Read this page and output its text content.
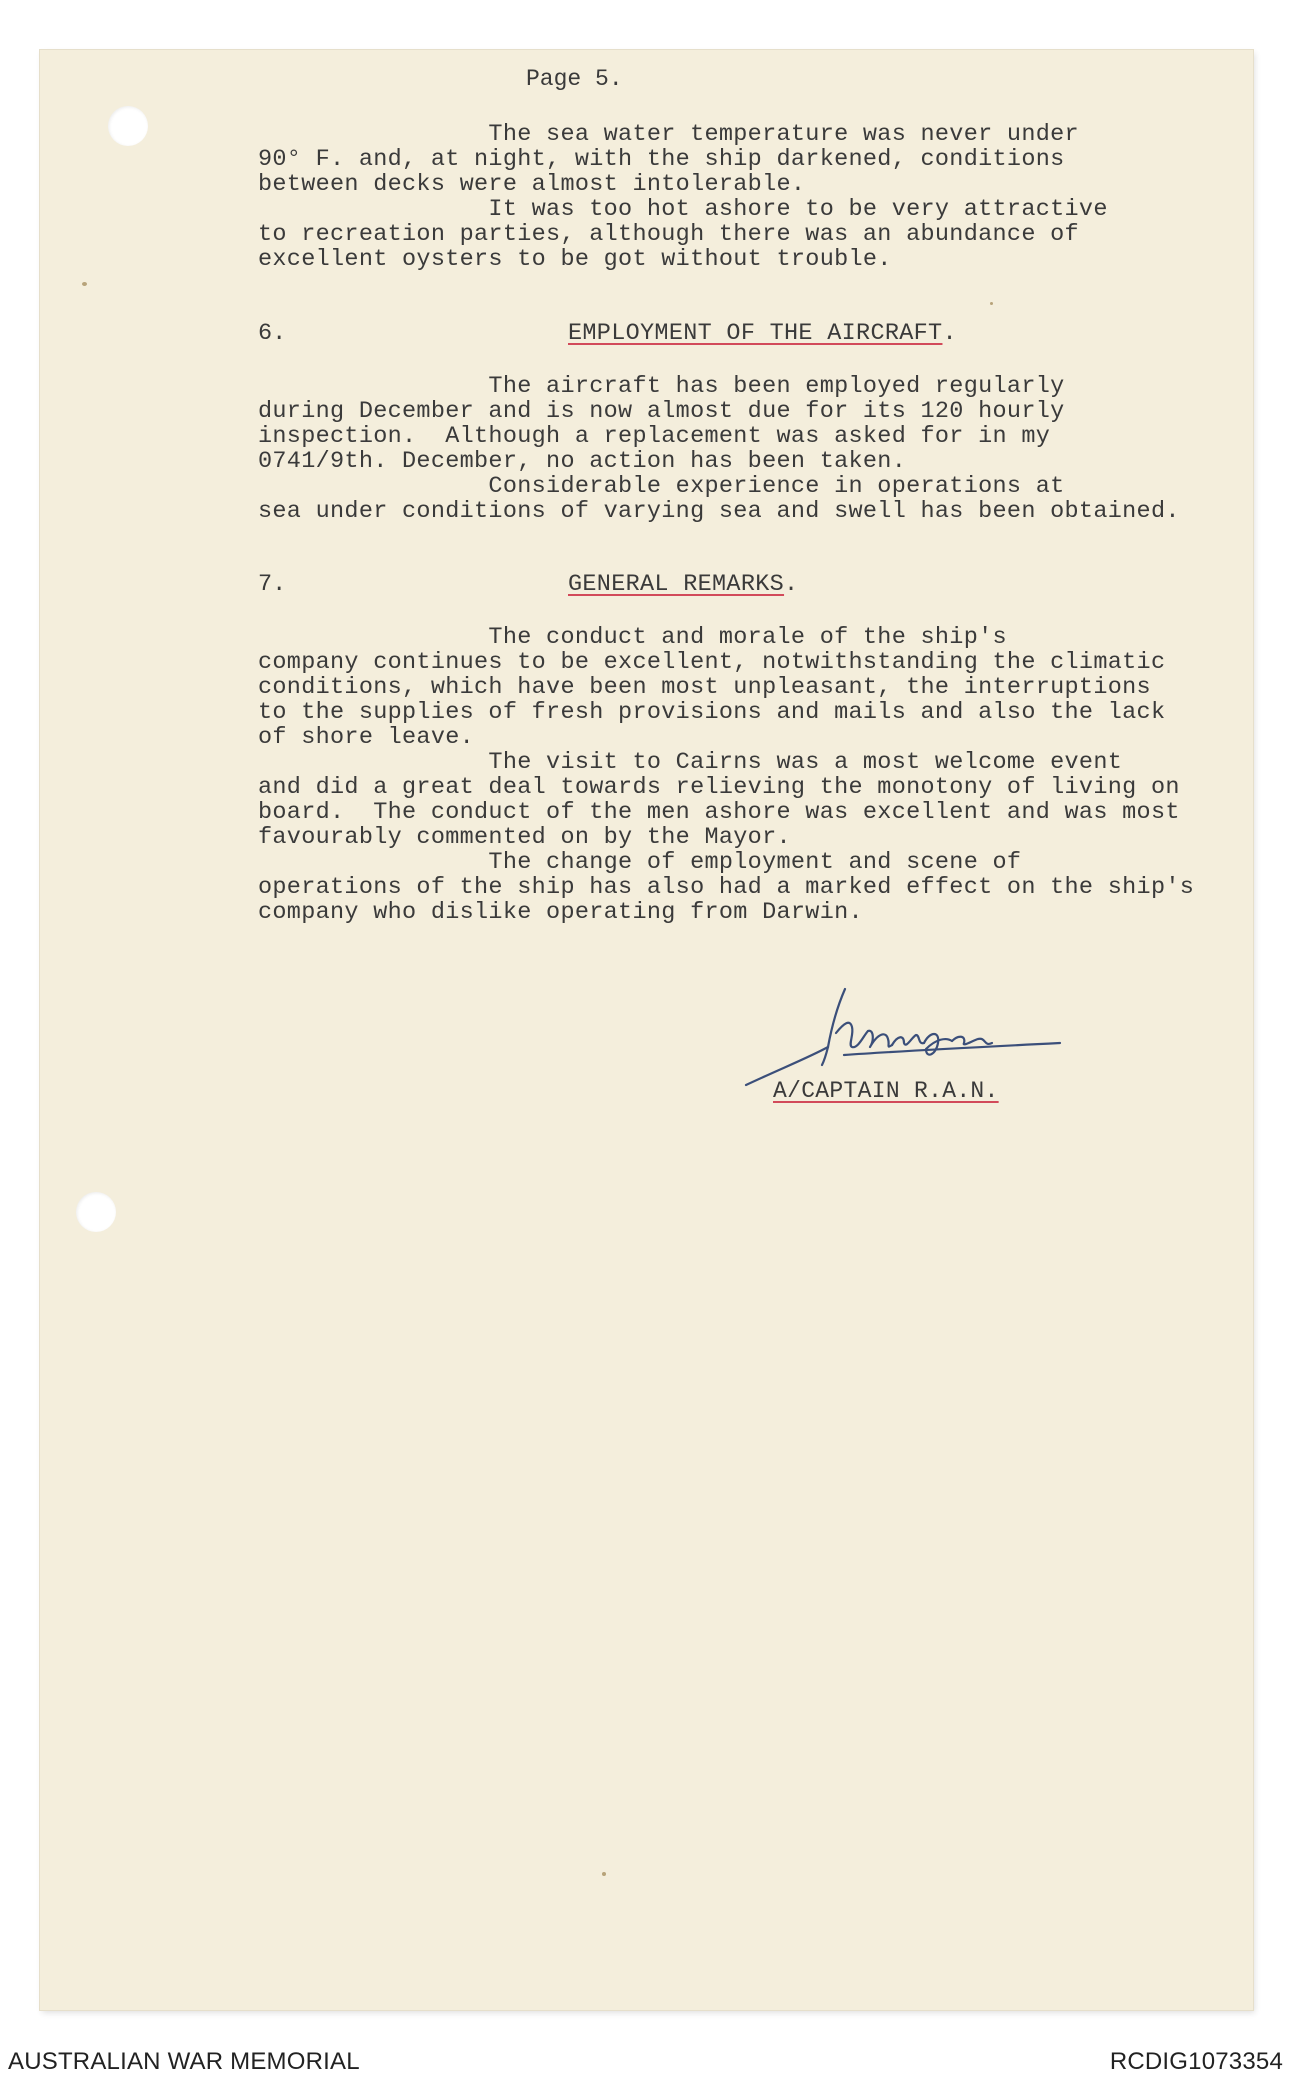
Page 5.
The sea water temperature was never under
90° F. and, at night, with the ship darkened, conditions
between decks were almost intolerable.
It was too hot ashore to be very attractive
to recreation parties, although there was an abundance of
excellent oysters to be got without trouble.
6.	EMPLOYMENT OF THE AIRCRAFT.
The aircraft has been employed regularly
during December and is now almost due for its 120 hourly
inspection.  Although a replacement was asked for in my
0741/9th. December, no action has been taken.
Considerable experience in operations at
sea under conditions of varying sea and swell has been obtained.
7.	GENERAL REMARKS.
The conduct and morale of the ship's
company continues to be excellent, notwithstanding the climatic
conditions, which have been most unpleasant, the interruptions
to the supplies of fresh provisions and mails and also the lack
of shore leave.
The visit to Cairns was a most welcome event
and did a great deal towards relieving the monotony of living on
board.  The conduct of the men ashore was excellent and was most
favourably commented on by the Mayor.
The change of employment and scene of
operations of the ship has also had a marked effect on the ship's
company who dislike operating from Darwin.
A/CAPTAIN R.A.N.
AUSTRALIAN WAR MEMORIAL	RCDIG1073354
